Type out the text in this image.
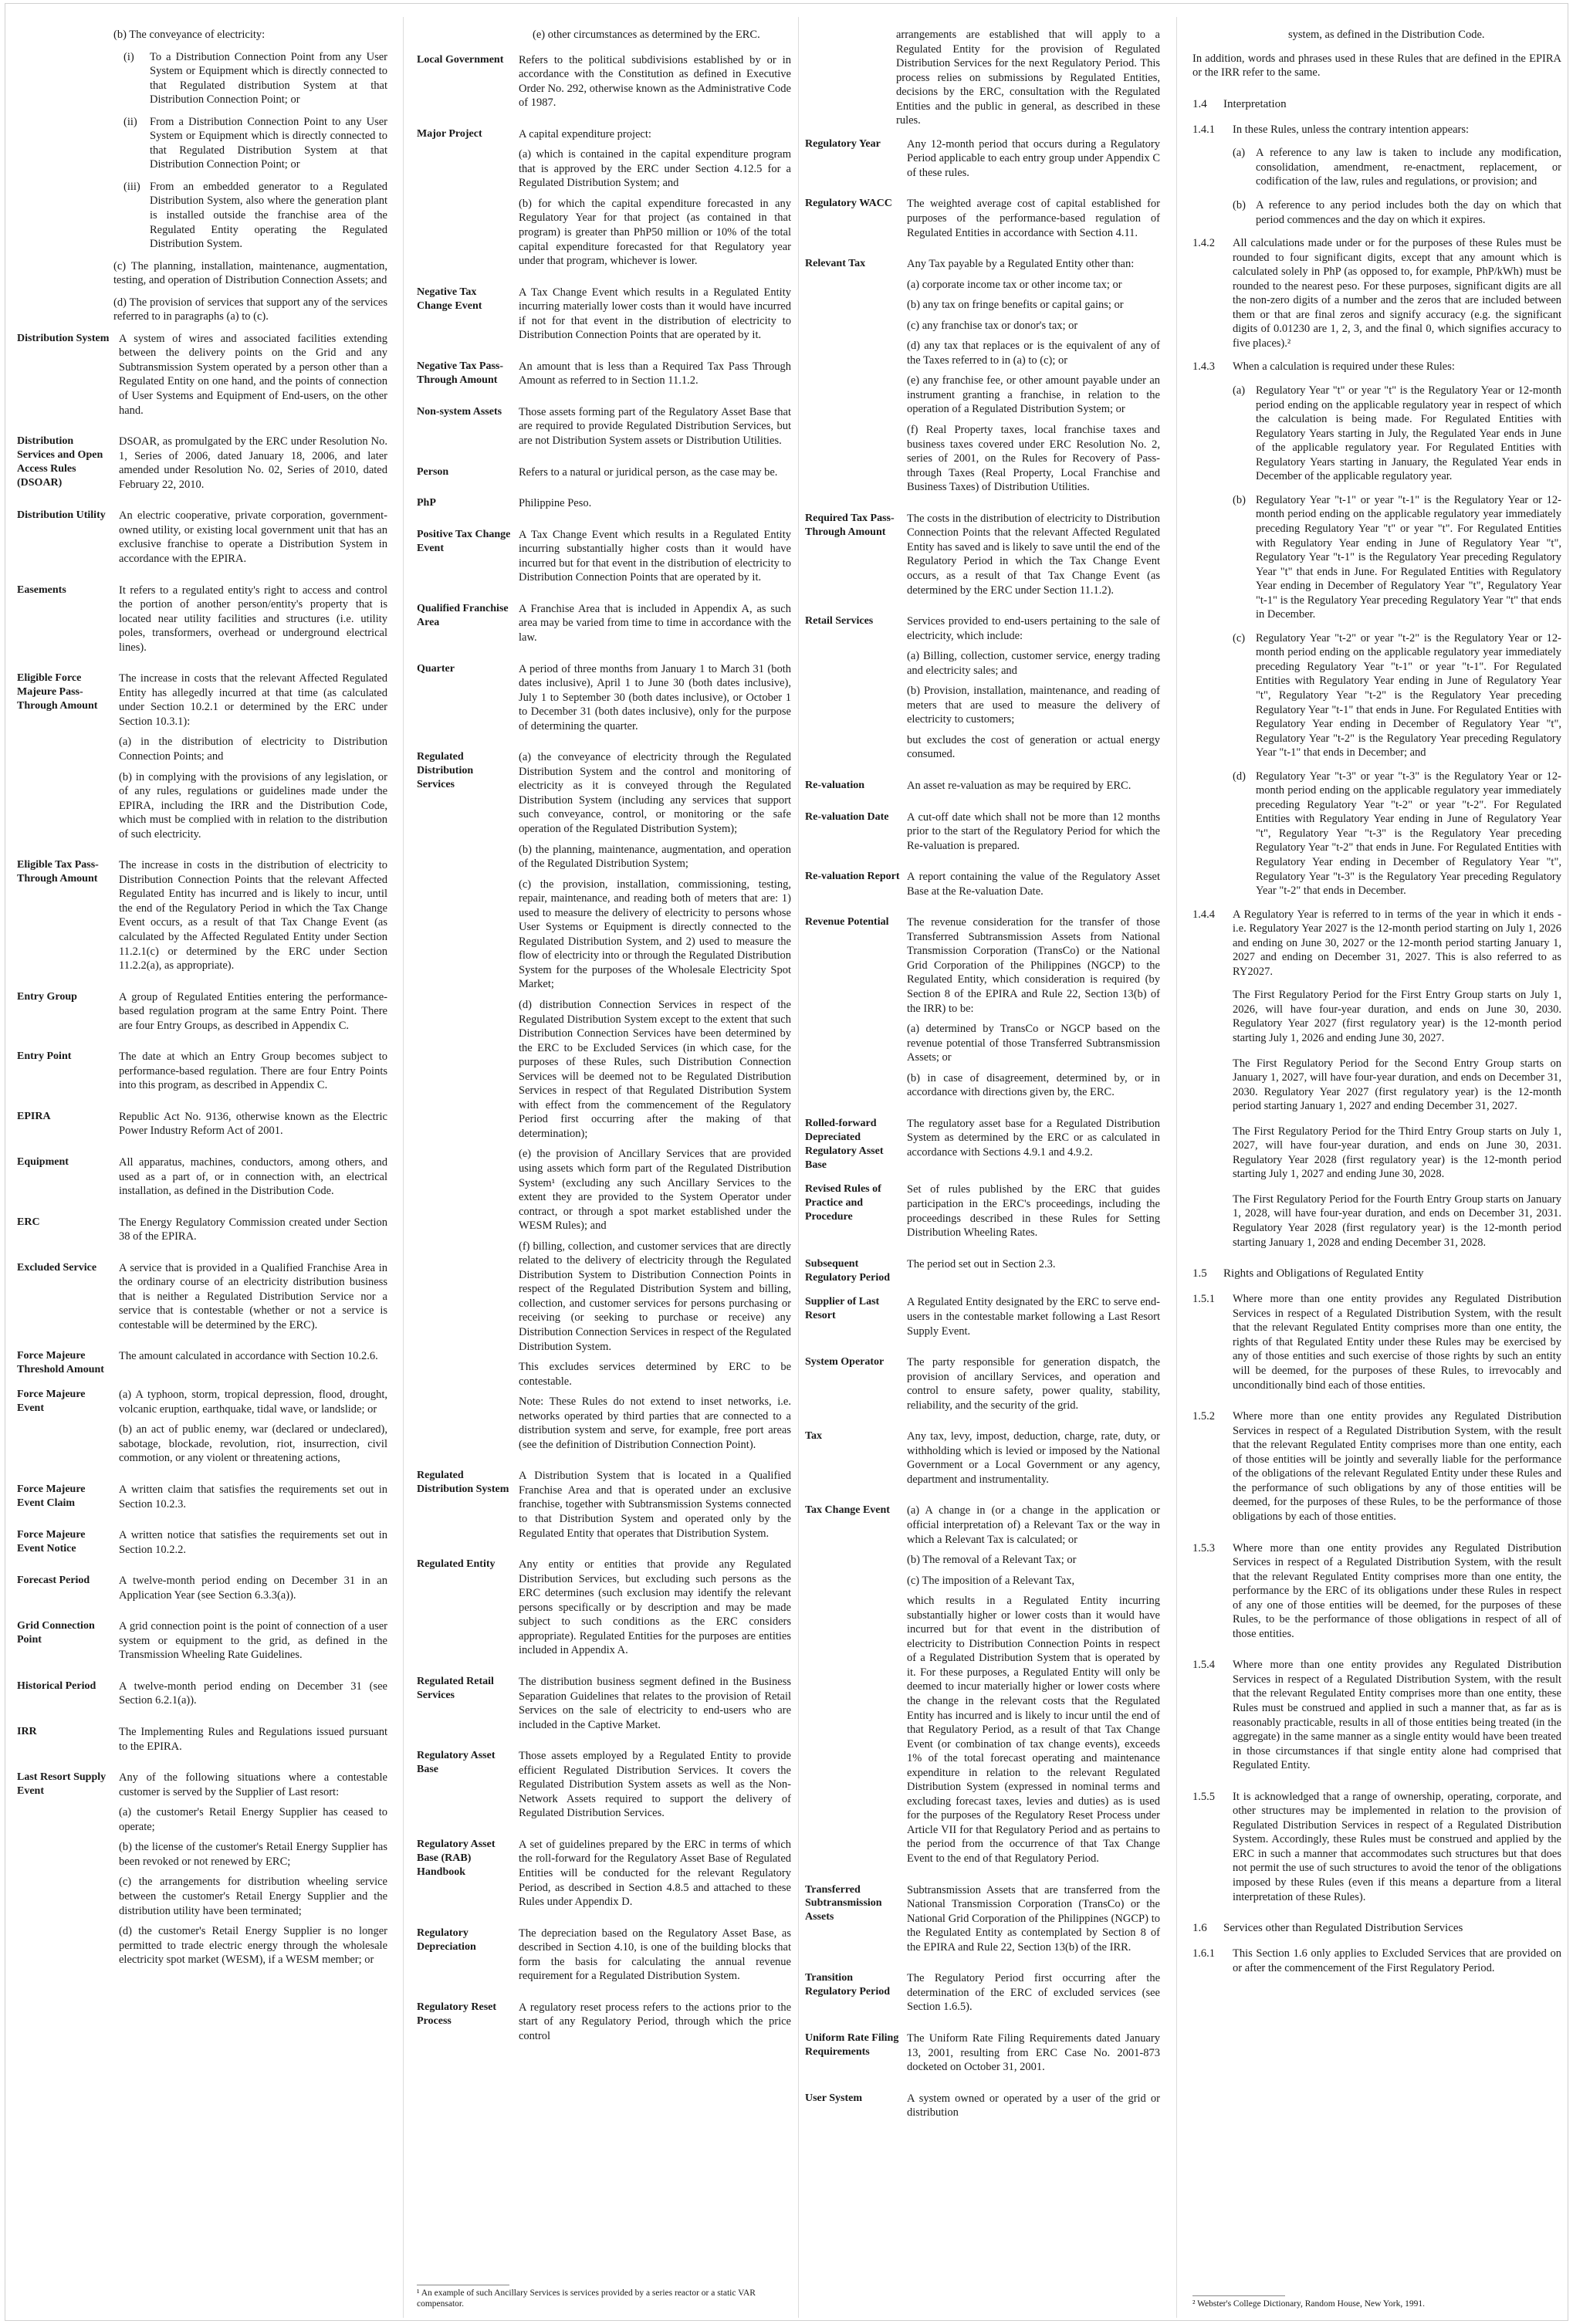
(b) The conveyance of electricity:
(i)	To a Distribution Connection Point from any User System or Equipment which is directly connected to that Regulated distribution System at that Distribution Connection Point; or
(ii)	From a Distribution Connection Point to any User System or Equipment which is directly connected to that Regulated Distribution System at that Distribution Connection Point; or
(iii) From an embedded generator to a Regulated Distribution System, also where the generation plant is installed outside the franchise area of the Regulated Entity operating the Regulated Distribution System.
(c) The planning, installation, maintenance, augmentation, testing, and operation of Distribution Connection Assets; and
(d) The provision of services that support any of the services referred to in paragraphs (a) to (c).
Distribution System A system of wires and associated facilities extending between the delivery points on the Grid and any Subtransmission System operated by a person other than a Regulated Entity on one hand, and the points of connection of User Systems and Equipment of End-users, on the other hand.

Distribution Services and Open Access Rules (DSOAR)

DSOAR, as promulgated by the ERC under Resolution No. 1, Series of 2006, dated January 18, 2006, and later amended under Resolution No. 02, Series of 2010, dated February 22, 2010.

Distribution Utility	An electric cooperative, private corporation, government-owned utility, or existing local government unit that has an exclusive franchise to operate a Distribution System in accordance with the EPIRA.

Easements	It refers to a regulated entity's right to access and control the portion of another person/entity's property that is located near utility facilities and structures (i.e. utility poles, transformers, overhead or underground electrical lines).

Eligible Force Majeure Pass-Through Amount

The increase in costs that the relevant Affected Regulated Entity has allegedly incurred at that time (as calculated under Section 10.2.1 or determined by the ERC under Section 10.3.1):

(a) in the distribution of electricity to Distribution Connection Points; and

(b) in complying with the provisions of any legislation, or of any rules, regulations or guidelines made under the EPIRA, including the IRR and the Distribution Code, which must be complied with in relation to the distribution of such electricity.

Eligible Tax Pass-Through Amount

The increase in costs in the distribution of electricity to Distribution Connection Points that the relevant Affected Regulated Entity has incurred and is likely to incur, until the end of the Regulatory Period in which the Tax Change Event occurs, as a result of that Tax Change Event (as calculated by the Affected Regulated Entity under Section 11.2.1(c) or determined by the ERC under Section 11.2.2(a), as appropriate).

Entry Group	A group of Regulated Entities entering the performance-based regulation program at the same Entry Point. There are four Entry Groups, as described in Appendix C.

Entry Point	The date at which an Entry Group becomes subject to performance-based regulation. There are four Entry Points into this program, as described in Appendix C.

EPIRA	Republic Act No. 9136, otherwise known as the Electric Power Industry Reform Act of 2001.

Equipment	All apparatus, machines, conductors, among others, and used as a part of, or in connection with, an electrical installation, as defined in the Distribution Code.

ERC	The Energy Regulatory Commission created under Section 38 of the EPIRA.

Excluded Service	A service that is provided in a Qualified Franchise Area in the ordinary course of an electricity distribution business that is neither a Regulated Distribution Service nor a service that is contestable (whether or not a service is contestable will be determined by the ERC).

Force Majeure Threshold Amount

The amount calculated in accordance with Section 10.2.6.

Force Majeure Event

(a) A typhoon, storm, tropical depression, flood, drought, volcanic eruption, earthquake, tidal wave, or landslide; or

(b) an act of public enemy, war (declared or undeclared), sabotage, blockade, revolution, riot, insurrection, civil commotion, or any violent or threatening actions,

Force Majeure Event Claim

A written claim that satisfies the requirements set out in Section 10.2.3.

Force Majeure Event Notice

A written notice that satisfies the requirements set out in Section 10.2.2.

Forecast Period	A twelve-month period ending on December 31 in an Application Year (see Section 6.3.3(a)).

Grid Connection Point

A grid connection point is the point of connection of a user system or equipment to the grid, as defined in the Transmission Wheeling Rate Guidelines.

Historical Period	A twelve-month period ending on December 31 (see Section 6.2.1(a)).

IRR	The Implementing Rules and Regulations issued pursuant to the EPIRA.

Last Resort Supply Event

Any of the following situations where a contestable customer is served by the Supplier of Last resort:

(a) the customer's Retail Energy Supplier has ceased to operate;

(b) the license of the customer's Retail Energy Supplier has been revoked or not renewed by ERC;

(c) the arrangements for distribution wheeling service between the customer's Retail Energy Supplier and the distribution utility have been terminated;

(d) the customer's Retail Energy Supplier is no longer permitted to trade electric energy through the wholesale electricity spot market (WESM), if a WESM member; or

(e) other circumstances as determined by the ERC.
Local Government	Refers to the political subdivisions established by or in accordance with the Constitution as defined in Executive Order No. 292, otherwise known as the Administrative Code of 1987.

Major Project	A capital expenditure project:

(a) which is contained in the capital expenditure program that is approved by the ERC under Section 4.12.5 for a Regulated Distribution System; and

(b) for which the capital expenditure forecasted in any Regulatory Year for that project (as contained in that program) is greater than PhP50 million or 10% of the total capital expenditure forecasted for that Regulatory year under that program, whichever is lower.

Negative Tax Change Event

A Tax Change Event which results in a Regulated Entity incurring materially lower costs than it would have incurred if not for that event in the distribution of electricity to Distribution Connection Points that are operated by it.

Negative Tax Pass-Through Amount

An amount that is less than a Required Tax Pass Through Amount as referred to in Section 11.1.2.

Non-system Assets	Those assets forming part of the Regulatory Asset Base that are required to provide Regulated Distribution Services, but are not Distribution System assets or Distribution Utilities.

Person	Refers to a natural or juridical person, as the case may be.

PhP	Philippine Peso.

Positive Tax Change Event

A Tax Change Event which results in a Regulated Entity incurring substantially higher costs than it would have incurred but for that event in the distribution of electricity to Distribution Connection Points that are operated by it.

Qualified Franchise Area

A Franchise Area that is included in Appendix A, as such area may be varied from time to time in accordance with the law.

Quarter	A period of three months from January 1 to March 31 (both dates inclusive), April 1 to June 30 (both dates inclusive), July 1 to September 30 (both dates inclusive), or October 1 to December 31 (both dates inclusive), only for the purpose of determining the quarter.

Regulated Distribution Services

(a) the conveyance of electricity through the Regulated Distribution System and the control and monitoring of electricity as it is conveyed through the Regulated Distribution System (including any services that support such conveyance, control, or monitoring or the safe operation of the Regulated Distribution System);

(b) the planning, maintenance, augmentation, and operation of the Regulated Distribution System;

(c) the provision, installation, commissioning, testing, repair, maintenance, and reading both of meters that are: 1) used to measure the delivery of electricity to persons whose User Systems or Equipment is directly connected to the Regulated Distribution System, and 2) used to measure the flow of electricity into or through the Regulated Distribution System for the purposes of the Wholesale Electricity Spot Market;

(d) distribution Connection Services in respect of the Regulated Distribution System except to the extent that such Distribution Connection Services have been determined by the ERC to be Excluded Services (in which case, for the purposes of these Rules, such Distribution Connection Services will be deemed not to be Regulated Distribution Services in respect of that Regulated Distribution System with effect from the commencement of the Regulatory Period first occurring after the making of that determination);

(e) the provision of Ancillary Services that are provided using assets which form part of the Regulated Distribution System¹ (excluding any such Ancillary Services to the extent they are provided to the System Operator under contract, or through a spot market established under the WESM Rules); and

(f) billing, collection, and customer services that are directly related to the delivery of electricity through the Regulated Distribution System to Distribution Connection Points in respect of the Regulated Distribution System and billing, collection, and customer services for persons purchasing or receiving (or seeking to purchase or receive) any Distribution Connection Services in respect of the Regulated Distribution System.

This excludes services determined by ERC to be contestable.

Note: These Rules do not extend to inset networks, i.e. networks operated by third parties that are connected to a distribution system and serve, for example, free port areas (see the definition of Distribution Connection Point).

Regulated Distribution System

A Distribution System that is located in a Qualified Franchise Area and that is operated under an exclusive franchise, together with Subtransmission Systems connected to that Distribution System and operated only by the Regulated Entity that operates that Distribution System.

Regulated Entity	Any entity or entities that provide any Regulated Distribution Services, but excluding such persons as the ERC determines (such exclusion may identify the relevant persons specifically or by description and may be made subject to such conditions as the ERC considers appropriate). Regulated Entities for the purposes are entities included in Appendix A.

Regulated Retail Services

The distribution business segment defined in the Business Separation Guidelines that relates to the provision of Retail Services on the sale of electricity to end-users who are included in the Captive Market.

Regulatory Asset Base

Those assets employed by a Regulated Entity to provide efficient Regulated Distribution Services. It covers the Regulated Distribution System assets as well as the Non-Network Assets required to support the delivery of Regulated Distribution Services.

Regulatory Asset Base (RAB) Handbook

A set of guidelines prepared by the ERC in terms of which the roll-forward for the Regulatory Asset Base of Regulated Entities will be conducted for the relevant Regulatory Period, as described in Section 4.8.5 and attached to these Rules under Appendix D.

Regulatory Depreciation

The depreciation based on the Regulatory Asset Base, as described in Section 4.10, is one of the building blocks that form the basis for calculating the annual revenue requirement for a Regulated Distribution System.

Regulatory Reset Process

A regulatory reset process refers to the actions prior to the start of any Regulatory Period, through which the price control

¹ An example of such Ancillary Services is services provided by a series reactor or a static VAR compensator.
arrangements are established that will apply to a Regulated Entity for the provision of Regulated Distribution Services for the next Regulatory Period. This process relies on submissions by Regulated Entities, decisions by the ERC, consultation with the Regulated Entities and the public in general, as described in these rules.
Regulatory Year	Any 12-month period that occurs during a Regulatory Period applicable to each entry group under Appendix C of these rules.

Regulatory WACC	The weighted average cost of capital established for purposes of the performance-based regulation of Regulated Entities in accordance with Section 4.11.

Relevant Tax	Any Tax payable by a Regulated Entity other than:

(a) corporate income tax or other income tax; or

(b) any tax on fringe benefits or capital gains; or

(c) any franchise tax or donor's tax; or

(d) any tax that replaces or is the equivalent of any of the Taxes referred to in (a) to (c); or

(e) any franchise fee, or other amount payable under an instrument granting a franchise, in relation to the operation of a Regulated Distribution System; or

(f) Real Property taxes, local franchise taxes and business taxes covered under ERC Resolution No. 2, series of 2001, on the Rules for Recovery of Pass-through Taxes (Real Property, Local Franchise and Business Taxes) of Distribution Utilities.

Required Tax Pass-Through Amount

The costs in the distribution of electricity to Distribution Connection Points that the relevant Affected Regulated Entity has saved and is likely to save until the end of the Regulatory Period in which the Tax Change Event occurs, as a result of that Tax Change Event (as determined by the ERC under Section 11.1.2).

Retail Services	Services provided to end-users pertaining to the sale of electricity, which include:

(a) Billing, collection, customer service, energy trading and electricity sales; and

(b) Provision, installation, maintenance, and reading of meters that are used to measure the delivery of electricity to customers;

but excludes the cost of generation or actual energy consumed.

Re-valuation	An asset re-valuation as may be required by ERC.

Re-valuation Date	A cut-off date which shall not be more than 12 months prior to the start of the Regulatory Period for which the Re-valuation is prepared.

Re-valuation Report A report containing the value of the Regulatory Asset Base at the Re-valuation Date.

Revenue Potential	The revenue consideration for the transfer of those Transferred Subtransmission Assets from National Transmission Corporation (TransCo) or the National Grid Corporation of the Philippines (NGCP) to the Regulated Entity, which consideration is required (by Section 8 of the EPIRA and Rule 22, Section 13(b) of the IRR) to be:

(a) determined by TransCo or NGCP based on the revenue potential of those Transferred Subtransmission Assets; or

(b) in case of disagreement, determined by, or in accordance with directions given by, the ERC.

Rolled-forward Depreciated Regulatory Asset Base

The regulatory asset base for a Regulated Distribution System as determined by the ERC or as calculated in accordance with Sections 4.9.1 and 4.9.2.

Revised Rules of Practice and Procedure

Set of rules published by the ERC that guides participation in the ERC's proceedings, including the proceedings described in these Rules for Setting Distribution Wheeling Rates.

Subsequent Regulatory Period

The period set out in Section 2.3.

Supplier of Last Resort

A Regulated Entity designated by the ERC to serve end-users in the contestable market following a Last Resort Supply Event.

System Operator	The party responsible for generation dispatch, the provision of ancillary Services, and operation and control to ensure safety, power quality, stability, reliability, and the security of the grid.

Tax	Any tax, levy, impost, deduction, charge, rate, duty, or withholding which is levied or imposed by the National Government or a Local Government or any agency, department and instrumentality.

Tax Change Event	(a) A change in (or a change in the application or official interpretation of) a Relevant Tax or the way in which a Relevant Tax is calculated; or

(b) The removal of a Relevant Tax; or

(c) The imposition of a Relevant Tax,

which results in a Regulated Entity incurring substantially higher or lower costs than it would have incurred but for that event in the distribution of electricity to Distribution Connection Points in respect of a Regulated Distribution System that is operated by it. For these purposes, a Regulated Entity will only be deemed to incur materially higher or lower costs where the change in the relevant costs that the Regulated Entity has incurred and is likely to incur until the end of that Regulatory Period, as a result of that Tax Change Event (or combination of tax change events), exceeds 1% of the total forecast operating and maintenance expenditure in relation to the relevant Regulated Distribution System (expressed in nominal terms and excluding forecast taxes, levies and duties) as is used for the purposes of the Regulatory Reset Process under Article VII for that Regulatory Period and as pertains to the period from the occurrence of that Tax Change Event to the end of that Regulatory Period.

Transferred Subtransmission Assets

Subtransmission Assets that are transferred from the National Transmission Corporation (TransCo) or the National Grid Corporation of the Philippines (NGCP) to the Regulated Entity as contemplated by Section 8 of the EPIRA and Rule 22, Section 13(b) of the IRR.

Transition Regulatory Period

The Regulatory Period first occurring after the determination of the ERC of excluded services (see Section 1.6.5).

Uniform Rate Filing Requirements

The Uniform Rate Filing Requirements dated January 13, 2001, resulting from ERC Case No. 2001-873 docketed on October 31, 2001.

User System	A system owned or operated by a user of the grid or distribution

system, as defined in the Distribution Code.
In addition, words and phrases used in these Rules that are defined in the EPIRA or the IRR refer to the same.
1.4	Interpretation
1.4.1	In these Rules, unless the contrary intention appears:
(a) A reference to any law is taken to include any modification, consolidation, amendment, re-enactment, replacement, or codification of the law, rules and regulations, or provision; and
(b) A reference to any period includes both the day on which that period commences and the day on which it expires.
1.4.2	All calculations made under or for the purposes of these Rules must be rounded to four significant digits, except that any amount which is calculated solely in PhP (as opposed to, for example, PhP/kWh) must be rounded to the nearest peso. For these purposes, significant digits are all the non-zero digits of a number and the zeros that are included between them or that are final zeros and signify accuracy (e.g. the significant digits of 0.01230 are 1, 2, 3, and the final 0, which signifies accuracy to five places).²
1.4.3	When a calculation is required under these Rules:
(a) Regulatory Year "t" or year "t" is the Regulatory Year or 12-month period ending on the applicable regulatory year in respect of which the calculation is being made. For Regulated Entities with Regulatory Years starting in July, the Regulated Year ends in June of the applicable regulatory year. For Regulated Entities with Regulatory Years starting in January, the Regulated Year ends in December of the applicable regulatory year.
(b) Regulatory Year "t-1" or year "t-1" is the Regulatory Year or 12-month period ending on the applicable regulatory year immediately preceding Regulatory Year "t" or year "t". For Regulated Entities with Regulatory Year ending in June of Regulatory Year "t", Regulatory Year "t-1" is the Regulatory Year preceding Regulatory Year "t" that ends in June. For Regulated Entities with Regulatory Year ending in December of Regulatory Year "t", Regulatory Year "t-1" is the Regulatory Year preceding Regulatory Year "t" that ends in December.
(c) Regulatory Year "t-2" or year "t-2" is the Regulatory Year or 12-month period ending on the applicable regulatory year immediately preceding Regulatory Year "t-1" or year "t-1". For Regulated Entities with Regulatory Year ending in June of Regulatory Year "t", Regulatory Year "t-2" is the Regulatory Year preceding Regulatory Year "t-1" that ends in June. For Regulated Entities with Regulatory Year ending in December of Regulatory Year "t", Regulatory Year "t-2" is the Regulatory Year preceding Regulatory Year "t-1" that ends in December; and
(d) Regulatory Year "t-3" or year "t-3" is the Regulatory Year or 12-month period ending on the applicable regulatory year immediately preceding Regulatory Year "t-2" or year "t-2". For Regulated Entities with Regulatory Year ending in June of Regulatory Year "t", Regulatory Year "t-3" is the Regulatory Year preceding Regulatory Year "t-2" that ends in June. For Regulated Entities with Regulatory Year ending in December of Regulatory Year "t", Regulatory Year "t-3" is the Regulatory Year preceding Regulatory Year "t-2" that ends in December.
1.4.4	A Regulatory Year is referred to in terms of the year in which it ends - i.e. Regulatory Year 2027 is the 12-month period starting on July 1, 2026 and ending on June 30, 2027 or the 12-month period starting January 1, 2027 and ending on December 31, 2027. This is also referred to as RY2027.
The First Regulatory Period for the First Entry Group starts on July 1, 2026, will have four-year duration, and ends on June 30, 2030. Regulatory Year 2027 (first regulatory year) is the 12-month period starting July 1, 2026 and ending June 30, 2027.
The First Regulatory Period for the Second Entry Group starts on January 1, 2027, will have four-year duration, and ends on December 31, 2030. Regulatory Year 2027 (first regulatory year) is the 12-month period starting January 1, 2027 and ending December 31, 2027.
The First Regulatory Period for the Third Entry Group starts on July 1, 2027, will have four-year duration, and ends on June 30, 2031. Regulatory Year 2028 (first regulatory year) is the 12-month period starting July 1, 2027 and ending June 30, 2028.
The First Regulatory Period for the Fourth Entry Group starts on January 1, 2028, will have four-year duration, and ends on December 31, 2031. Regulatory Year 2028 (first regulatory year) is the 12-month period starting January 1, 2028 and ending December 31, 2028.
1.5	Rights and Obligations of Regulated Entity
1.5.1	Where more than one entity provides any Regulated Distribution Services in respect of a Regulated Distribution System, with the result that the relevant Regulated Entity comprises more than one entity, the rights of that Regulated Entity under these Rules may be exercised by any of those entities and such exercise of those rights by such an entity will be deemed, for the purposes of these Rules, to irrevocably and unconditionally bind each of those entities.
1.5.2	Where more than one entity provides any Regulated Distribution Services in respect of a Regulated Distribution System, with the result that the relevant Regulated Entity comprises more than one entity, each of those entities will be jointly and severally liable for the performance of the obligations of the relevant Regulated Entity under these Rules and the performance of such obligations by any of those entities will be deemed, for the purposes of these Rules, to be the performance of those obligations by each of those entities.
1.5.3	Where more than one entity provides any Regulated Distribution Services in respect of a Regulated Distribution System, with the result that the relevant Regulated Entity comprises more than one entity, the performance by the ERC of its obligations under these Rules in respect of any one of those entities will be deemed, for the purposes of these Rules, to be the performance of those obligations in respect of all of those entities.
1.5.4	Where more than one entity provides any Regulated Distribution Services in respect of a Regulated Distribution System, with the result that the relevant Regulated Entity comprises more than one entity, these Rules must be construed and applied in such a manner that, as far as is reasonably practicable, results in all of those entities being treated (in the aggregate) in the same manner as a single entity would have been treated in those circumstances if that single entity alone had comprised that Regulated Entity.
1.5.5	It is acknowledged that a range of ownership, operating, corporate, and other structures may be implemented in relation to the provision of Regulated Distribution Services in respect of a Regulated Distribution System. Accordingly, these Rules must be construed and applied by the ERC in such a manner that accommodates such structures but that does not permit the use of such structures to avoid the tenor of the obligations imposed by these Rules (even if this means a departure from a literal interpretation of these Rules).
1.6	Services other than Regulated Distribution Services
1.6.1	This Section 1.6 only applies to Excluded Services that are provided on or after the commencement of the First Regulatory Period.
² Webster's College Dictionary, Random House, New York, 1991.
